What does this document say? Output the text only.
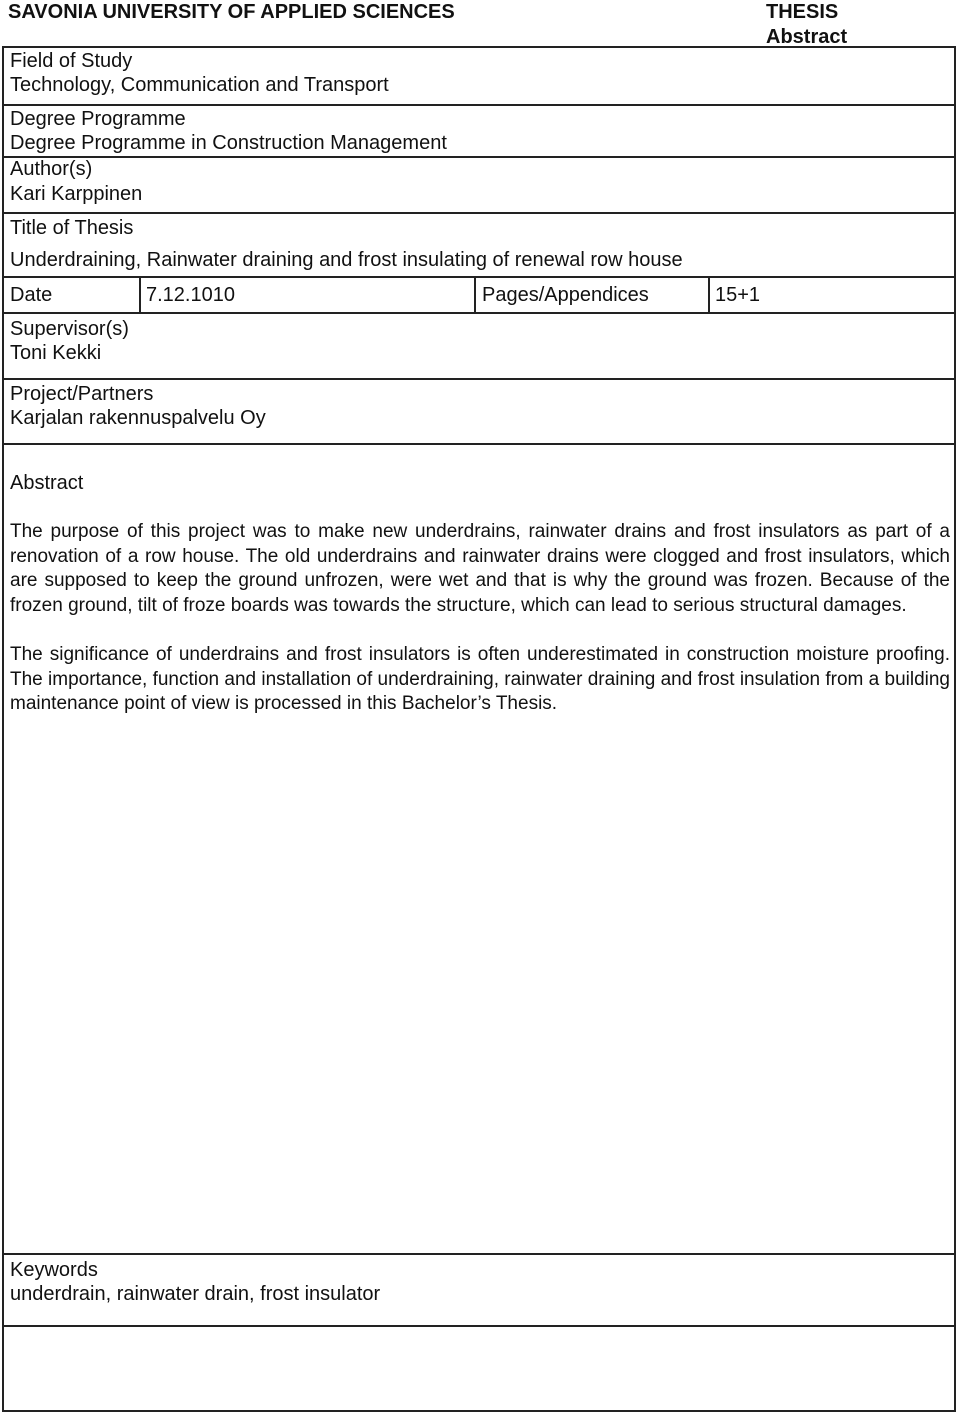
SAVONIA UNIVERSITY OF APPLIED SCIENCES	THESIS
Abstract
Field of Study
Technology, Communication and Transport
Degree Programme
Degree Programme in Construction Management
Author(s)
Kari Karppinen
Title of Thesis
Underdraining, Rainwater draining and frost insulating of renewal row house
Date	7.12.1010	Pages/Appendices	15+1
Supervisor(s)
Toni Kekki
Project/Partners
Karjalan rakennuspalvelu Oy
Abstract

The purpose of this project was to make new underdrains, rainwater drains and frost insulators as part of a renovation of a row house. The old underdrains and rainwater drains were clogged and frost insulators, which are supposed to keep the ground unfrozen, were wet and that is why the ground was frozen. Because of the frozen ground, tilt of froze boards was towards the structure, which can lead to serious structural damages.

The significance of underdrains and frost insulators is often underestimated in construction moisture proofing. The importance, function and installation of underdraining, rainwater draining and frost insulation from a building maintenance point of view is processed in this Bachelor’s Thesis.

Keywords
underdrain, rainwater drain, frost insulator
